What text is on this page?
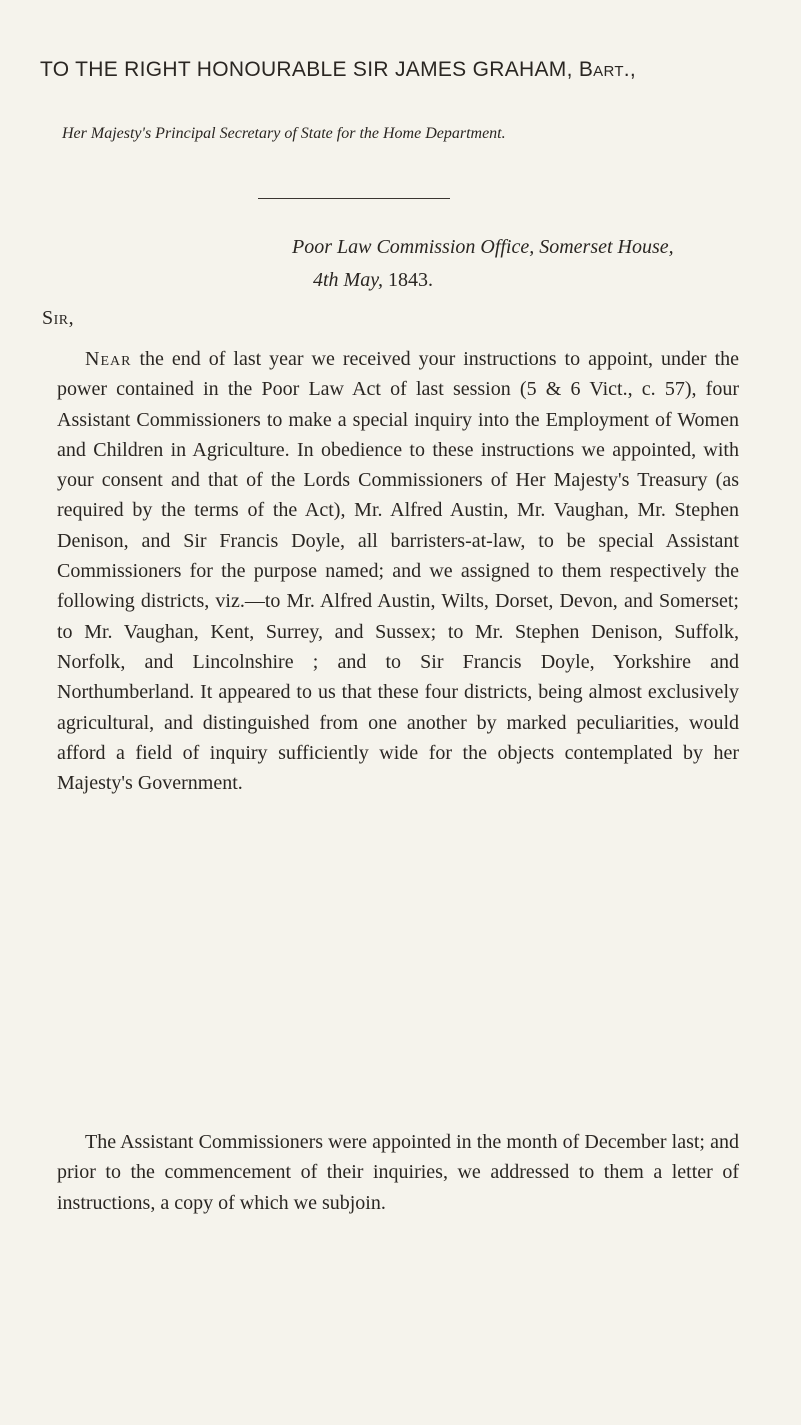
TO THE RIGHT HONOURABLE SIR JAMES GRAHAM, Bart.,
Her Majesty's Principal Secretary of State for the Home Department.
Poor Law Commission Office, Somerset House,
4th May, 1843.
Sir,

Near the end of last year we received your instructions to appoint, under the power contained in the Poor Law Act of last session (5 & 6 Vict., c. 57), four Assistant Commissioners to make a special inquiry into the Employment of Women and Children in Agriculture. In obedience to these instructions we appointed, with your consent and that of the Lords Commissioners of Her Majesty's Treasury (as required by the terms of the Act), Mr. Alfred Austin, Mr. Vaughan, Mr. Stephen Denison, and Sir Francis Doyle, all barristers-at-law, to be special Assistant Commissioners for the purpose named; and we assigned to them respectively the following districts, viz.—to Mr. Alfred Austin, Wilts, Dorset, Devon, and Somerset; to Mr. Vaughan, Kent, Surrey, and Sussex; to Mr. Stephen Denison, Suffolk, Norfolk, and Lincolnshire ; and to Sir Francis Doyle, Yorkshire and Northumberland. It appeared to us that these four districts, being almost exclusively agricultural, and distinguished from one another by marked peculiarities, would afford a field of inquiry sufficiently wide for the objects contemplated by her Majesty's Government.

The Assistant Commissioners were appointed in the month of December last; and prior to the commencement of their inquiries, we addressed to them a letter of instructions, a copy of which we subjoin.
